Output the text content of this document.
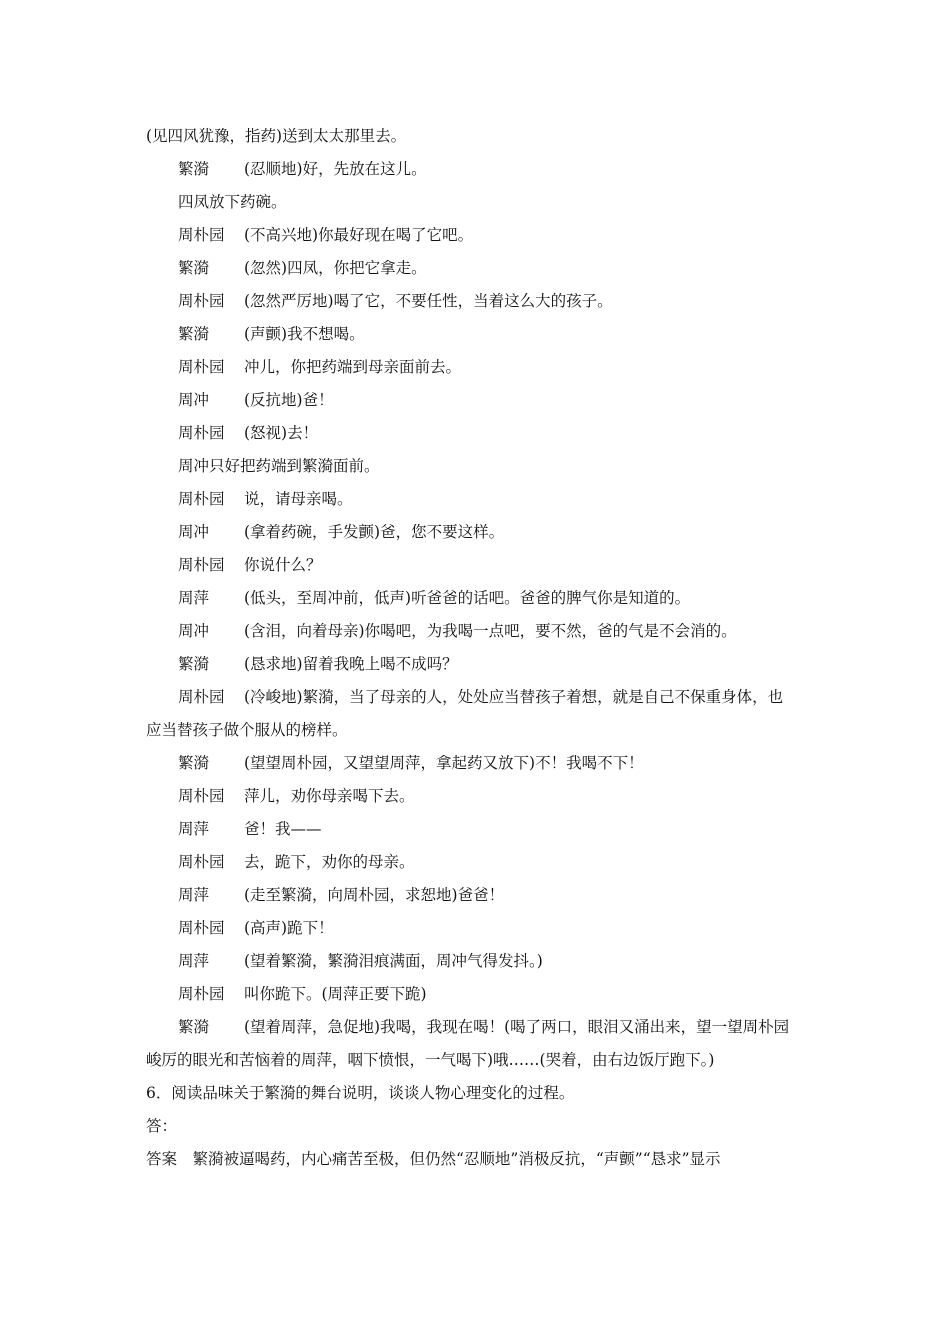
(见四风犹豫，指药)送到太太那里去。
繁漪 (忍顺地)好，先放在这儿。
四凤放下药碗。
周朴园 (不高兴地)你最好现在喝了它吧。
繁漪 (忽然)四凤，你把它拿走。
周朴园 (忽然严厉地)喝了它，不要任性，当着这么大的孩子。
繁漪 (声颤)我不想喝。
周朴园 冲儿，你把药端到母亲面前去。
周冲 (反抗地)爸！
周朴园 (怒视)去！
周冲只好把药端到繁漪面前。
周朴园 说，请母亲喝。
周冲 (拿着药碗，手发颤)爸，您不要这样。
周朴园 你说什么？
周萍 (低头，至周冲前，低声)听爸爸的话吧。爸爸的脾气你是知道的。
周冲 (含泪，向着母亲)你喝吧，为我喝一点吧，要不然，爸的气是不会消的。
繁漪 (恳求地)留着我晚上喝不成吗？
周朴园 (冷峻地)繁漪，当了母亲的人，处处应当替孩子着想，就是自己不保重身体，也
应当替孩子做个服从的榜样。
繁漪 (望望周朴园，又望望周萍，拿起药又放下)不！我喝不下！
周朴园 萍儿，劝你母亲喝下去。
周萍 爸！我——
周朴园 去，跪下，劝你的母亲。
周萍 (走至繁漪，向周朴园，求恕地)爸爸！
周朴园 (高声)跪下！
周萍 (望着繁漪，繁漪泪痕满面，周冲气得发抖。)
周朴园 叫你跪下。(周萍正要下跪)
繁漪 (望着周萍，急促地)我喝，我现在喝！(喝了两口，眼泪又涌出来，望一望周朴园
峻厉的眼光和苦恼着的周萍，咽下愤恨，一气喝下)哦……(哭着，由右边饭厅跑下。)
6．阅读品味关于繁漪的舞台说明，谈谈人物心理变化的过程。
答：
答案　繁漪被逼喝药，内心痛苦至极，但仍然“忍顺地”消极反抗，“声颤”“恳求”显示
